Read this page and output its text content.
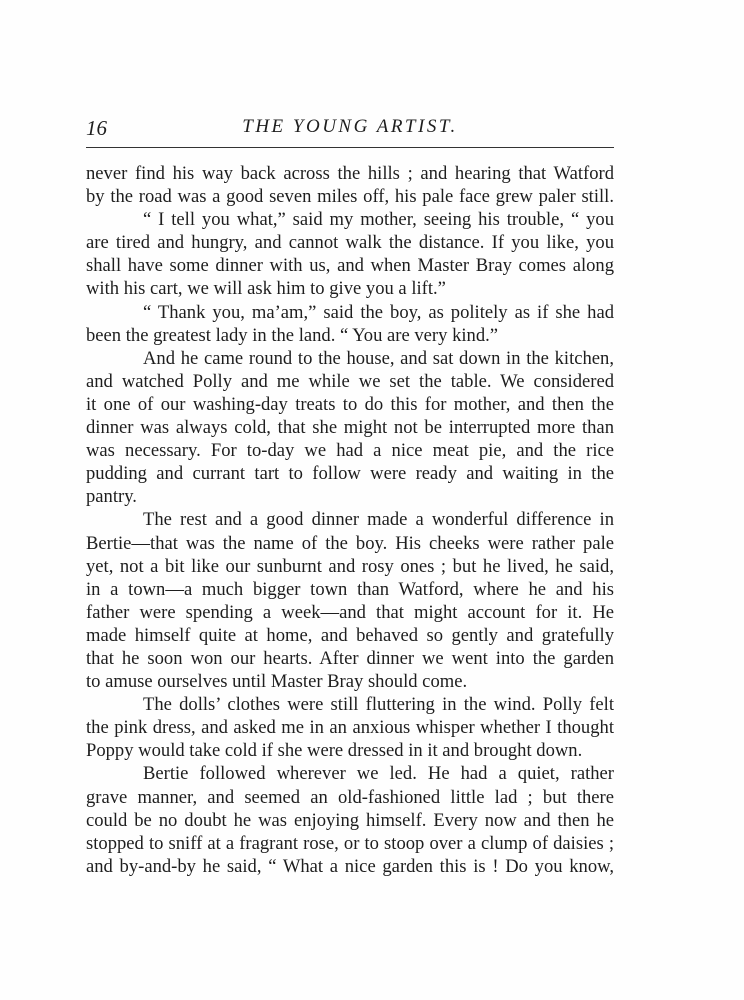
16	THE YOUNG ARTIST.
never find his way back across the hills ; and hearing that Watford
by the road was a good seven miles off, his pale face grew paler still.
“ I tell you what,” said my mother, seeing his trouble, “ you
are tired and hungry, and cannot walk the distance. If you like, you
shall have some dinner with us, and when Master Bray comes along
with his cart, we will ask him to give you a lift.”
“ Thank you, ma’am,” said the boy, as politely as if she had
been the greatest lady in the land. “ You are very kind.”
And he came round to the house, and sat down in the kitchen,
and watched Polly and me while we set the table. We considered
it one of our washing-day treats to do this for mother, and then the
dinner was always cold, that she might not be interrupted more than
was necessary. For to-day we had a nice meat pie, and the rice
pudding and currant tart to follow were ready and waiting in the
pantry.
The rest and a good dinner made a wonderful difference in
Bertie—that was the name of the boy. His cheeks were rather pale
yet, not a bit like our sunburnt and rosy ones ; but he lived, he said,
in a town—a much bigger town than Watford, where he and his
father were spending a week—and that might account for it. He
made himself quite at home, and behaved so gently and gratefully
that he soon won our hearts. After dinner we went into the garden
to amuse ourselves until Master Bray should come.
The dolls’ clothes were still fluttering in the wind. Polly felt
the pink dress, and asked me in an anxious whisper whether I thought
Poppy would take cold if she were dressed in it and brought down.
Bertie followed wherever we led. He had a quiet, rather
grave manner, and seemed an old-fashioned little lad ; but there
could be no doubt he was enjoying himself. Every now and then he
stopped to sniff at a fragrant rose, or to stoop over a clump of daisies ;
and by-and-by he said, “ What a nice garden this is ! Do you know,
